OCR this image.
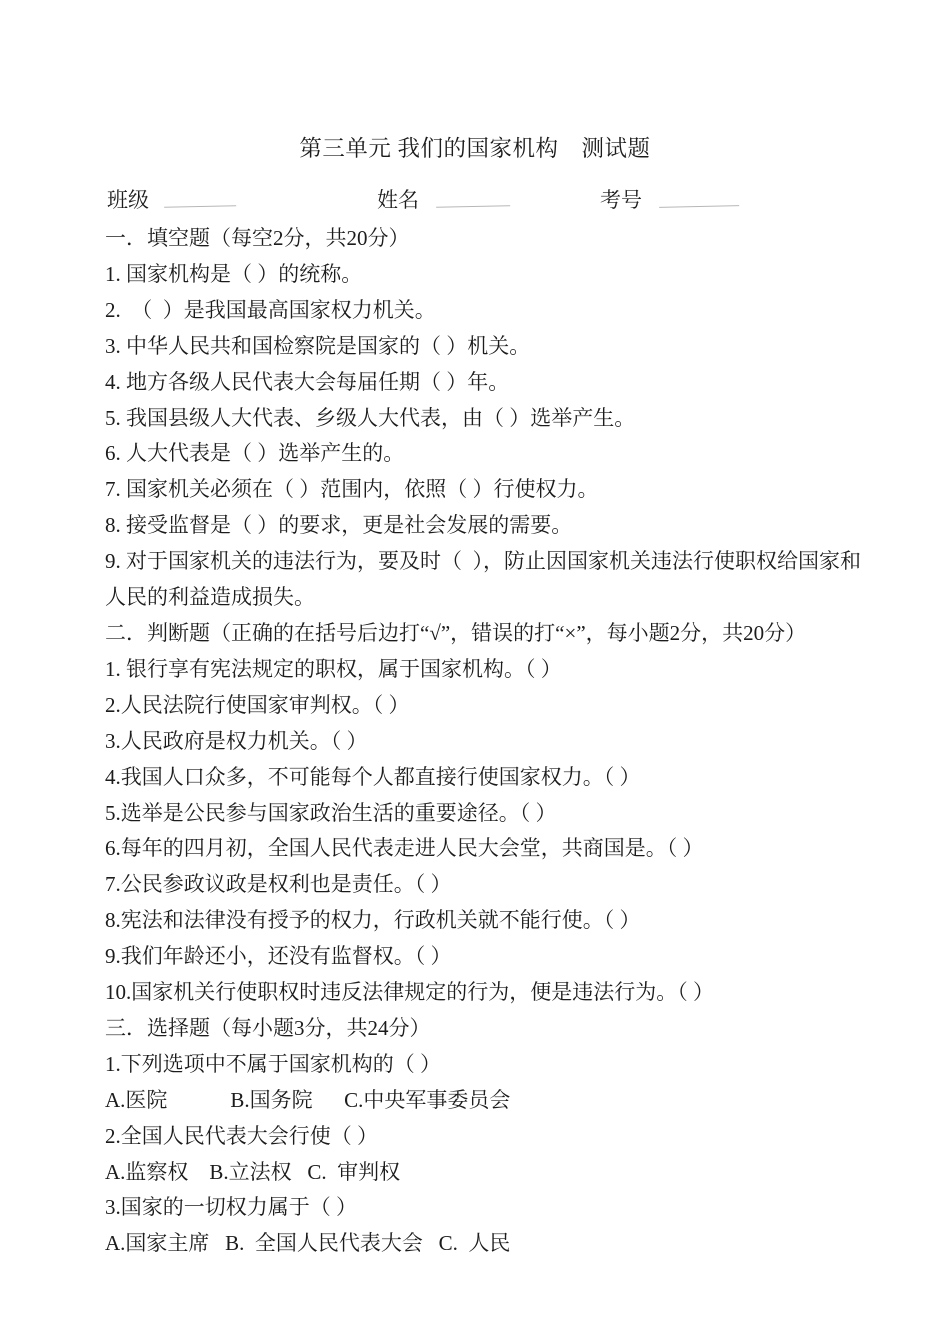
第三单元 我们的国家机构　测试题
班级	姓名	考号
一．填空题（每空2分，共20分）
1. 国家机构是（ ）的统称。
2.  （  ）是我国最高国家权力机关。
3. 中华人民共和国检察院是国家的（ ）机关。
4. 地方各级人民代表大会每届任期（ ）年。
5. 我国县级人大代表、乡级人大代表，由（ ）选举产生。
6. 人大代表是（ ）选举产生的。
7. 国家机关必须在（ ）范围内，依照（ ）行使权力。
8. 接受监督是（ ）的要求，更是社会发展的需要。
9. 对于国家机关的违法行为，要及时（  ），防止因国家机关违法行使职权给国家和
人民的利益造成损失。
二．判断题（正确的在括号后边打“√”，错误的打“×”，每小题2分，共20分）
1. 银行享有宪法规定的职权，属于国家机构。（ ）
2.人民法院行使国家审判权。（ ）
3.人民政府是权力机关。（ ）
4.我国人口众多，不可能每个人都直接行使国家权力。（ ）
5.选举是公民参与国家政治生活的重要途径。（ ）
6.每年的四月初，全国人民代表走进人民大会堂，共商国是。（ ）
7.公民参政议政是权利也是责任。（ ）
8.宪法和法律没有授予的权力，行政机关就不能行使。（ ）
9.我们年龄还小，还没有监督权。（ ）
10.国家机关行使职权时违反法律规定的行为，便是违法行为。（ ）
三．选择题（每小题3分，共24分）
1.下列选项中不属于国家机构的（ ）
A.医院            B.国务院      C.中央军事委员会
2.全国人民代表大会行使（ ）
A.监察权    B.立法权   C.  审判权
3.国家的一切权力属于（ ）
A.国家主席   B.  全国人民代表大会   C.  人民
